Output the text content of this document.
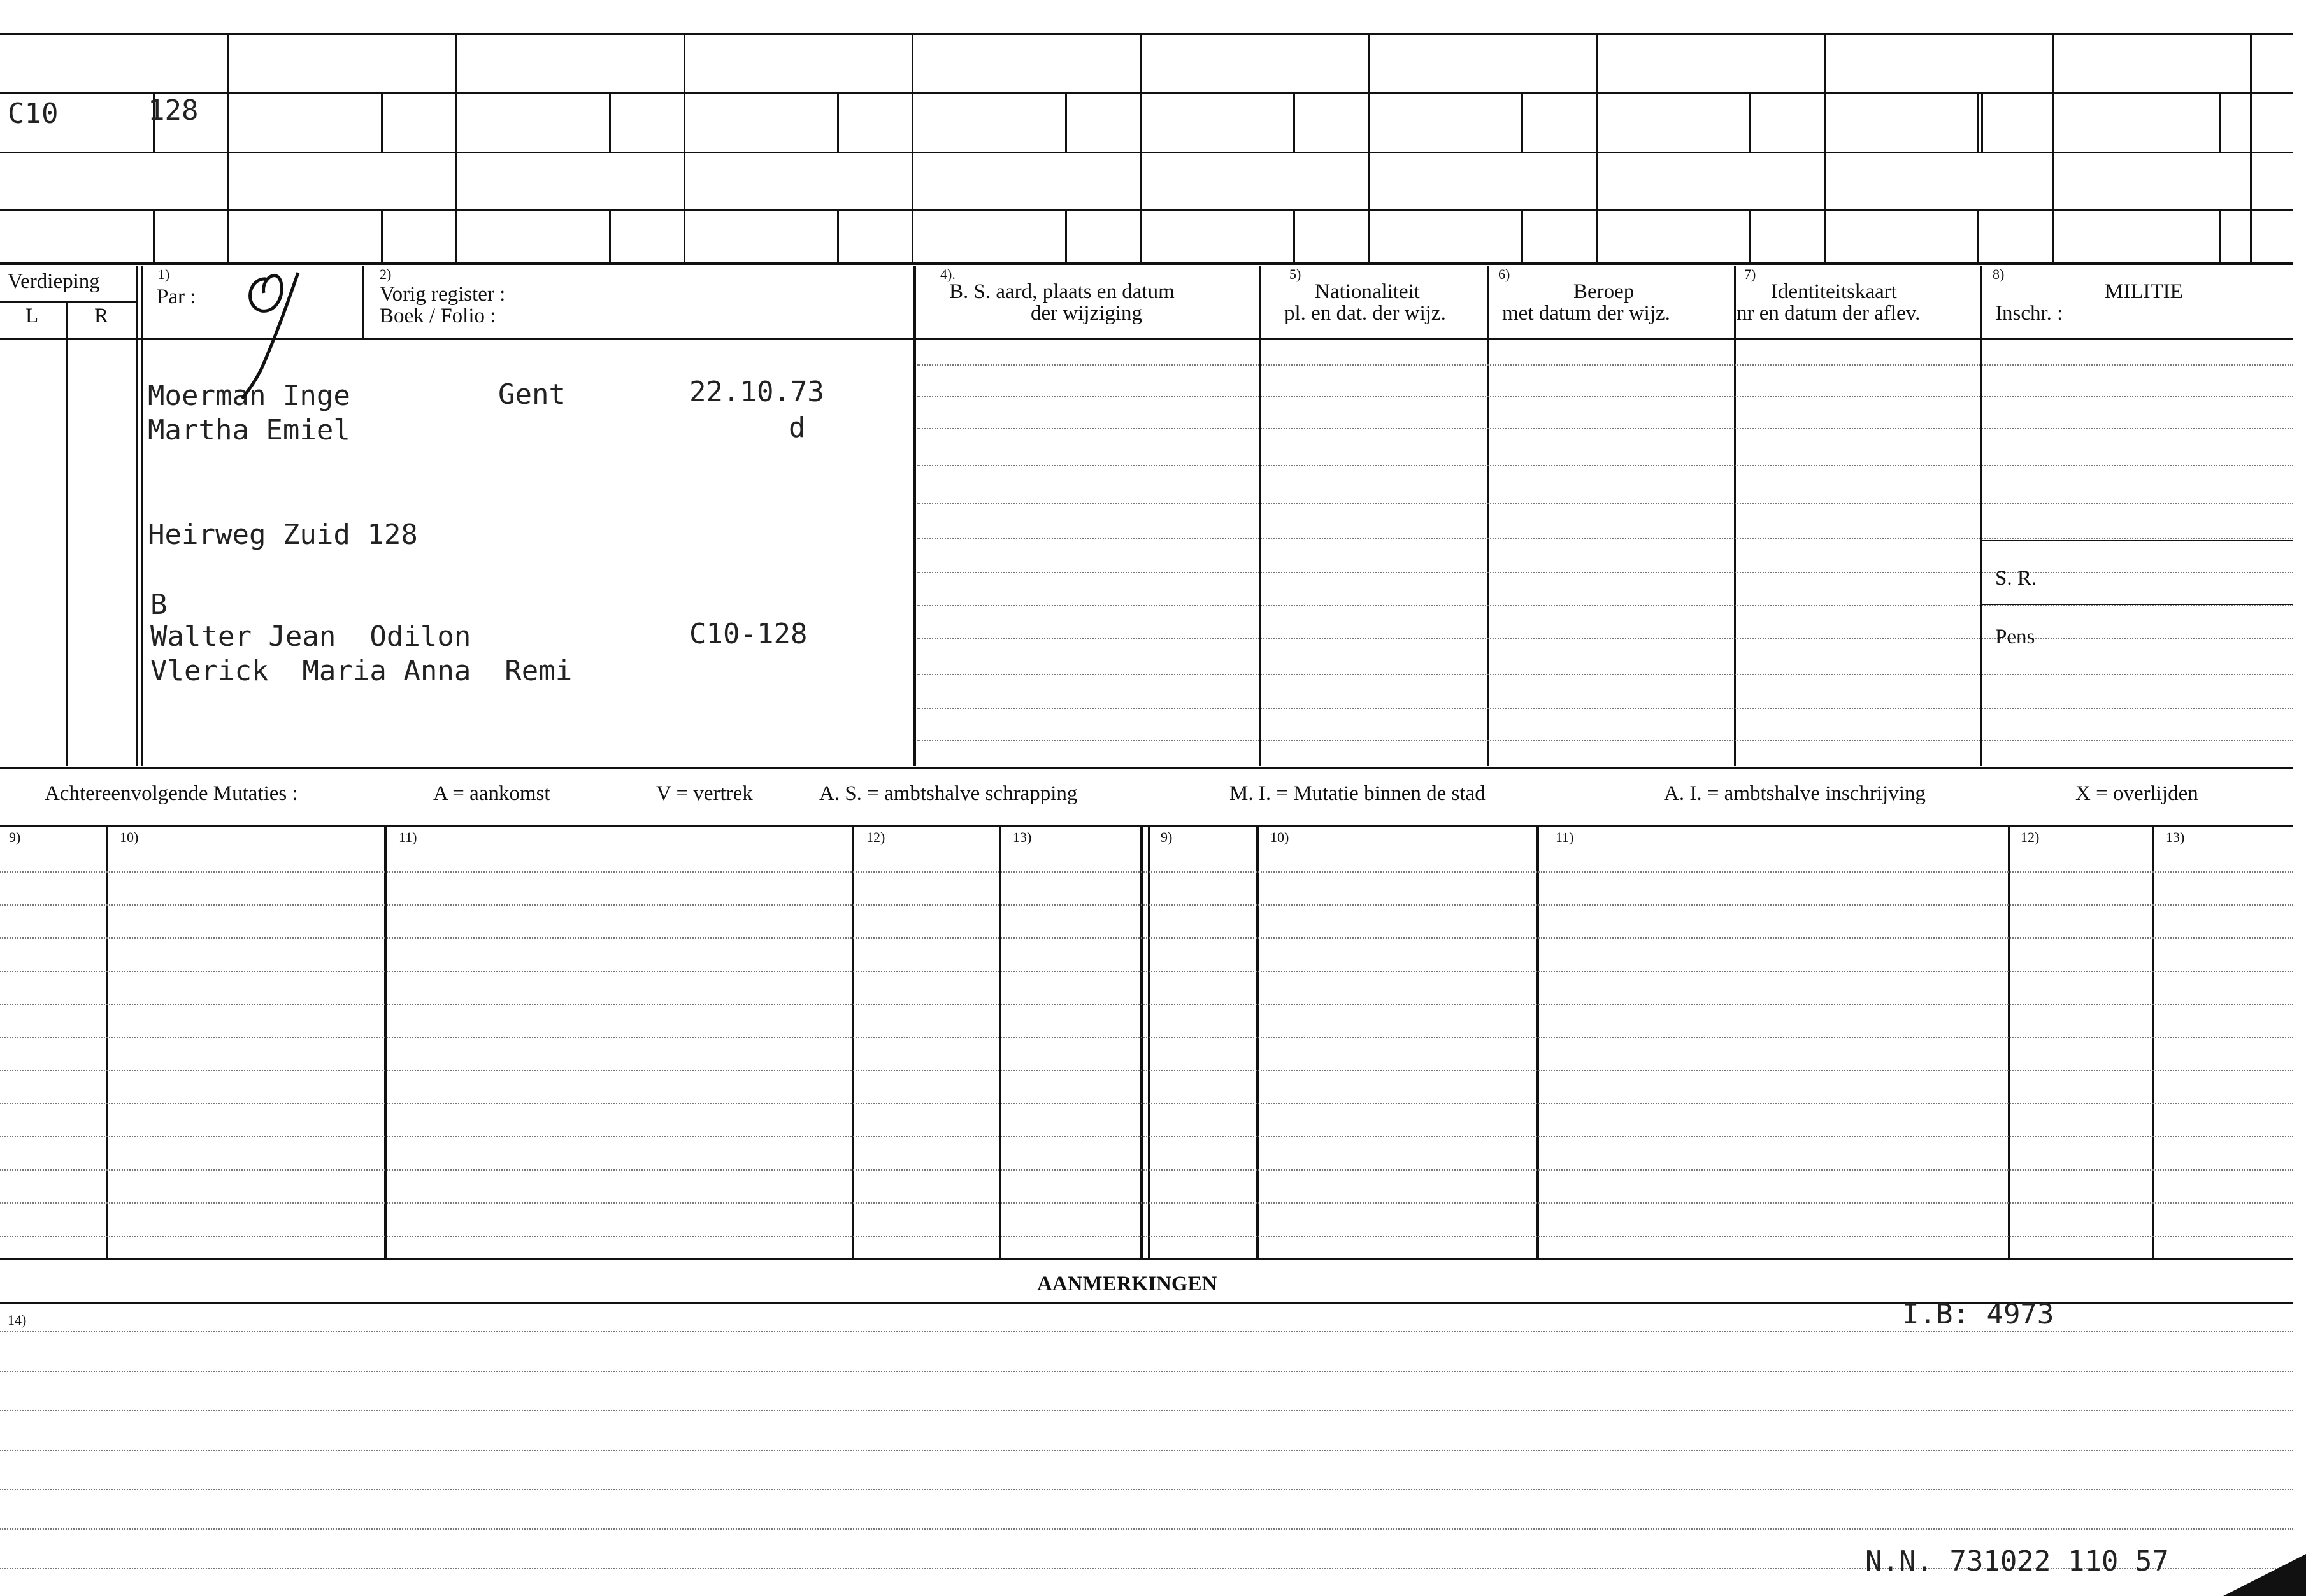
C10	128
Verdieping
L	R
1)
Par :
2)
Vorig register :
Boek / Folio :
4).
B. S. aard, plaats en datum
der wijziging
5)
Nationaliteit
pl. en dat. der wijz.
6)
Beroep
met datum der wijz.
7)
Identiteitskaart
nr en datum der aflev.
8)
MILITIE
Inschr. :
S. R.
Pens
Moerman Inge	Gent	22.10.73
Martha Emiel	d
Heirweg Zuid 128
B
Walter Jean  Odilon	C10-128
Vlerick  Maria Anna  Remi
Achtereenvolgende Mutaties :	A = aankomst	V = vertrek	A. S. = ambtshalve schrapping	M. I. = Mutatie binnen de stad	A. I. = ambtshalve inschrijving	X = overlijden
9)	10)	11)	12)	13)	9)	10)	11)	12)	13)
AANMERKINGEN
14)	I.B: 4973
N.N. 731022 110 57
